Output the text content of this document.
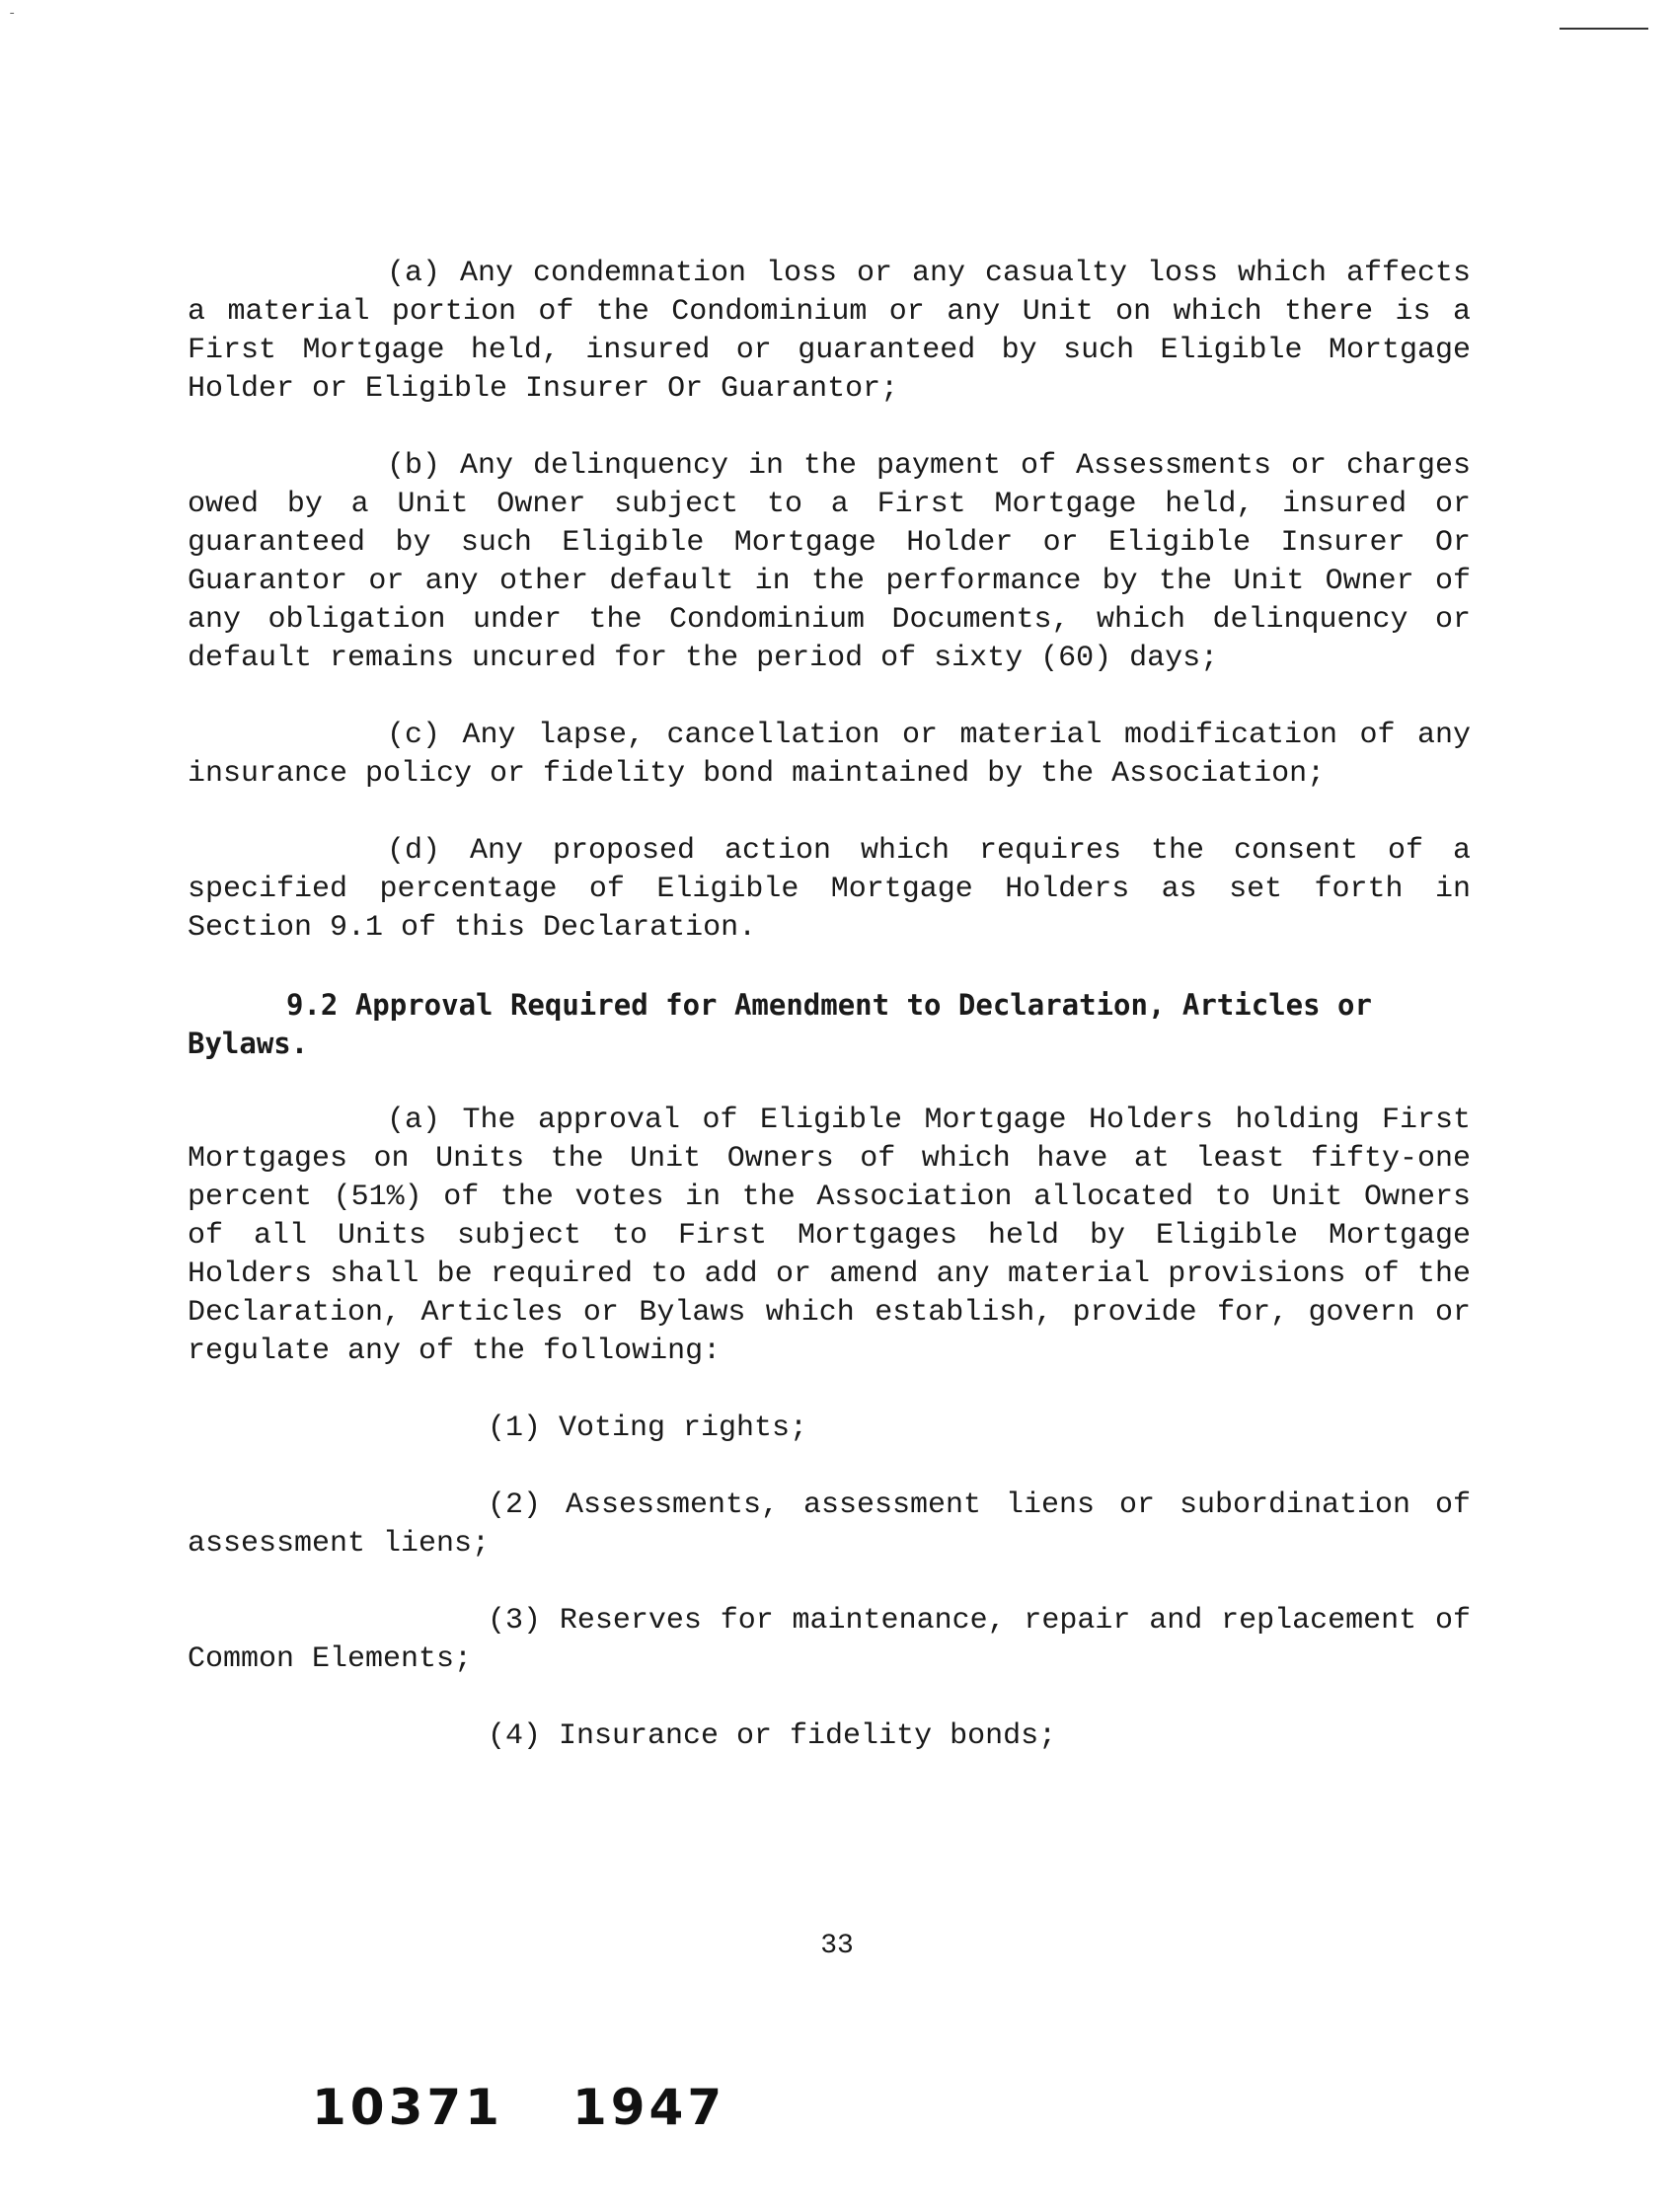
-

(a) Any condemnation loss or any casualty loss which affects a material portion of the Condominium or any Unit on which there is a First Mortgage held, insured or guaranteed by such Eligible Mortgage Holder or Eligible Insurer Or Guarantor;

(b) Any delinquency in the payment of Assessments or charges owed by a Unit Owner subject to a First Mortgage held, insured or guaranteed by such Eligible Mortgage Holder or Eligible Insurer Or Guarantor or any other default in the performance by the Unit Owner of any obligation under the Condominium Documents, which delinquency or default remains uncured for the period of sixty (60) days;

(c) Any lapse, cancellation or material modification of any insurance policy or fidelity bond maintained by the Association;

(d) Any proposed action which requires the consent of a specified percentage of Eligible Mortgage Holders as set forth in Section 9.1 of this Declaration.

9.2 Approval Required for Amendment to Declaration, Articles or Bylaws.

(a) The approval of Eligible Mortgage Holders holding First Mortgages on Units the Unit Owners of which have at least fifty-one percent (51%) of the votes in the Association allocated to Unit Owners of all Units subject to First Mortgages held by Eligible Mortgage Holders shall be required to add or amend any material provisions of the Declaration, Articles or Bylaws which establish, provide for, govern or regulate any of the following:

(1) Voting rights;

(2) Assessments, assessment liens or subordination of assessment liens;

(3) Reserves for maintenance, repair and replacement of Common Elements;

(4) Insurance or fidelity bonds;

33
10371 1947
